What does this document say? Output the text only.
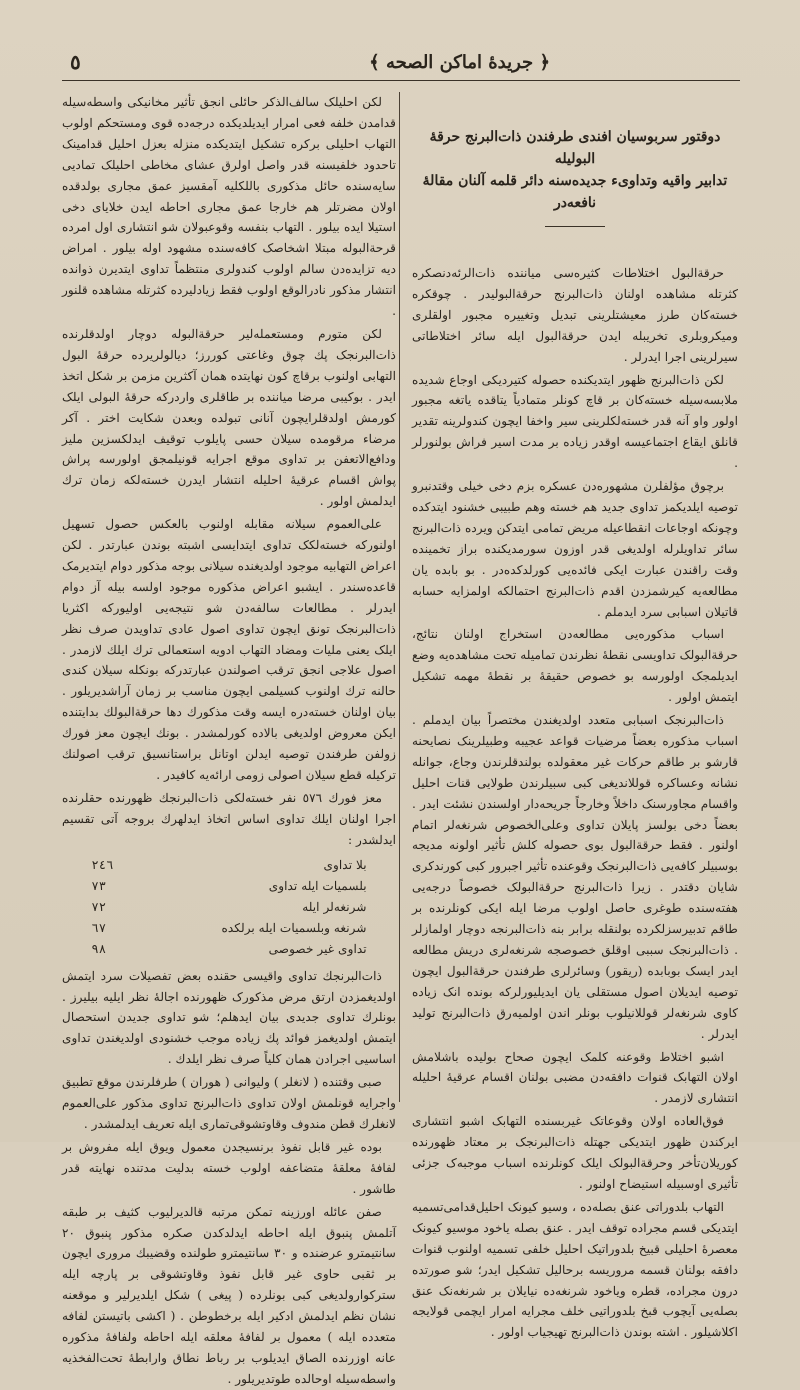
٥	﴿ جريدهٔ اماكن الصحه ﴾
دوقتور سربوسیان افندی طرفندن ذات‌البرنج حرقهٔ البولیله
تدابیر واقیه وتداوی‌ء جدیده‌سنه دائر قلمه آلنان مقالهٔ نافعه‌در

حرقةالبول اختلاطات کثیره‌سی میاننده ذات‌الرئه‌دنصکره کثرتله مشاهده اولنان ذات‌البرنج حرقةالبولیدر . چوقکره خسته‌کان طرز معیشتلرینی تبدیل وتغییره مجبور اولقلری‌ ومیکروبلری‌ تخریبله ایدن حرقةالبول ایله سائر اختلاطاتی سیرلرینی اجرا ایدرلر .

لکن ذات‌البرنج ظهور ایتدیکنده حصوله کتیردیکی اوجاع شدیده ملابسه‌سیله خسته‌کان بر قاچ کونلر متمادیاً یتاقده یاتغه مجبور اولور واو آنه قدر خسته‌لکلرینی سیر واخفا ایچون کندولرینه تقدیر قانلق ایقاع اجتماعیسه اوقدر زیاده بر مدت اسیر فراش بولنورلر .

برچوق مؤلفلرن مشهوره‌دن عسکره بزم دخی خیلی وقتدنبرو توصیه ایلدیکمز تداوی جدید هم خسته وهم طبیبی خشنود ایتدکده وچونکه اوجاعات انقطاعیله مریض تمامی ایتدکن ویرده ذات‌البرنج سائر تداویلرله اولدیغی قدر اوزون سور‌مدیکنده براز تخمینده وقت راقندن عبارت ایکی فائده‌یی کورلدکده‌در . بو بابده یان مطالعه‌یه کیرشمزدن اقدم ذات‌البرنج احتمالکه اولمزایه حسابه قاتیلان اسبابی سرد ایدملم .

اسباب مذکوره‌یی مطالعه‌دن استخراج اولنان نتائج، حرقةالبولک تداویسی نقطهٔ نظرندن تمامیله تحت مشاهده‌یه وضع ایدیلمجک اولورسه بو خصوص حقیقهٔ بر نقطهٔ مهمه تشکیل ایتمش اولور .

ذات‌البرنجک اسبابی متعدد اولدیغندن مختصراً بیان ایدملم . اسباب مذکوره بعضاً مرضیات قواعد عجیبه وطبیلرینک نصایحنه قارشو بر طاقم حرکات غیر معقولده بولندقلرندن وجاع، جوانله نشانه وعساکره قوللاندیغی کبی سبیلرندن طولایی قنات احلیل واقسام مجاورسنک داخلاً وخارجاً جریحه‌دار اولسندن نشئت ایدر . بعضاً دخی بولسز پایلان تداوی وعلی‌الخصوص شرنغه‌لر اتمام اولنور . فقط حرقةالبول بوی حصوله کلش تأثیر اولونه مدیجه بوسبیلر کافه‌یی ذات‌البرنجک وقوعنده تأثیر اجبرور کبی کورندکری شایان دقتدر . زیرا ذات‌البرنج حرقةالبولک خصوصاً درجه‌یی هفته‌سنده طوغری حاصل اولوب مرضا ایله ایکی کونلرنده بر طاقم تدبیرسزلکرده بولنقله برابر بنه ذات‌البرنجه دوچار اولمازلر . ذات‌البرنجک سببی اوقلق خصوصجه شرنغه‌لری دریش مطالعه ایدر ایسک بوبابده (ریقور) وسائرلری طرفندن حرقةالبول ایچون توصیه ایدیلان اصول مستقلی یان ایدیلیورلرکه بونده انک زیاده کاوی شرنغه‌لر قوللانیلوب بونلر اندن اولمیه‌رق ذات‌البرنج تولید ایدرلر .

اشبو اختلاط وقوعنه کلمک ایچون صحاح بولیده باشلامش اولان التهابک قنوات دافقه‌دن مضبی بولنان اقسام عرقیهٔ احلیله انتشاری لازمدر .

فوق‌العاده اولان وقوعاتک غیربسنده التهابک اشبو انتشاری ایرکندن ظهور ایتدیکی جهتله ذات‌البرنجک بر معتاد ظهورنده کوریلان‌تأخر وحرقةالبولک ایلک کونلرنده اسباب موجبه‌ک جزئی تأثیری اوسبیله استیضاح اولنور .

التهاب بلدوراتی عنق بصله‌ده ، وسیو کیونک احلیل‌قدامی‌تسمیه ایتدیکی قسم مجراده توقف ایدر . عنق بصله یاخود موسیو کیونک معصرهٔ احلیلی قبیخ بلدوراتیک احلیل خلفی تسمیه اولنوب قنوات دافقه بولنان قسمه مروریسه برحالیل تشکیل ایدر؛ شو صورتده درون مجراده، قطره ویاخود شرنغه‌ده نیایلان بر شرنغه‌نک عنق بصله‌یی آیچوب قبخ بلدوراتیی خلف مجرایه امرار ایچمی قولایجه اکلاشیلور . اشته بوندن ذات‌البرنج تهیجیاب اولور .

لکن احلیلک سالف‌الذکر حائلی انجق تأثیر مخانیکی واسطه‌سیله قدامدن خلفه فعی امرار ایدیلدیکده درجه‌ده قوی ومستحکم اولوب التهاب احلیلی برکره تشکیل ایتدیکده منزله بعزل احلیل قدامینک تاحدود خلفیسنه قدر واصل اولرق عشای مخاطی احلیلک تمادیی سایه‌سنده حائل مذکوری باللکلیه آمقسیز عمق مجاری بولدقده اولان مضرتلر هم خارجا عمق مجاری احاطه ایدن خلایای دخی استیلا ایده بیلور . التهاب بنفسه وقوعبولان شو انتشاری اول امرده قرحةالبوله مبتلا اشخاصک کافه‌سنده مشهود اوله بیلور . امراض دیه تزاید‌ه‌دن سالم اولوب کندولری منتظماً تداوی ایتدیرن ذوانده انتشار مذکور نادرالوقع اولوب فقط زیادلیرده کثرتله مشاهده قلنور .

لکن متورم ومستعمله‌لیر حرقةالبوله دوچار اولدقلرنده ذات‌البرنجک پك چوق وغاعتی کوررز؛ دیالولریرده حرقهٔ البول التهابی اولنوب برقاچ کون نهایتده همان آکثرین مزمن بر شکل اتخذ ایدر . بوکیبی مرضا میاننده بر طاقلری واردرکه حرقهٔ البولی ایلک کورمش اولدقلرایچون آنانی تبولده وبعدن شکایت اختر . آکر مرضاء مرقومده سیلان حسی پایلوب توقیف ایدلکسزین ملیز ودافع‌الاتعفن بر تداوی موقع اجرایه قونیلمجق اولورسه پراش پواش اقسام عرقیهٔ احلیله انتشار ایدرن خسته‌لکه زمان ترك ایدلمش اولور .

علی‌العموم سیلانه مقابله اولنوب بالعکس حصول تسهیل اولنورکه خسته‌لکک تداوی ایتدایسی اشبته بوندن عبارتدر . لکن اعراض التهابیه موجود اولدیغنده سیلانی بوجه مذکور دوام ایتدیرمک قاعده‌سندر . ایشبو اعراض مذکوره موجود اولسه بیله آز دوام ایدرلر . مطالعات سالفه‌دن شو نتیجه‌یی اولیورکه اکثریا ذات‌البرنجک تونق ایچون تداوی اصول عادی تداویدن صرف نظر ایلک یعنی ملیات ومضاد التهاب ادویه استعمالی ترك ایلك لازمدر . اصول علاجی انجق ترقب اصولندن عبارتدرکه بونکله سیلان کندی حالنه ترك اولنوب کسیلمی ایچون مناسب بر زمان آراشدیریلور . بیان اولنان خسته‌دره ایسه وقت مذکورك دها حرقةالبولك بدایتنده ایکن معروض اولدیغی بالاده کورلمشدر . بونك ایچون معز فورك زولفن طرفندن توصیه ایدلن اوتانل براستانسیق ترقب اصولنك ترکیله قطع سیلان اصولی زومی ارائه‌یه کافیدر .

معز فورك ٥٧٦ نفر خسته‌لکی ذات‌البرنجك ظهورنده حقلرنده اجرا اولنان ایلك تداوی اساس اتخاذ ایدلهرك بروجه آتی تقسیم ایدلشدر :

بلا تداوی	٢٤٦
بلسمیات ایله تداوی	٧٣
شرنغه‌لر ایله	٧٢
شرنغه وبلسمیات ایله برلکده	٦٧
تداوی غیر خصوصی	٩٨

ذات‌البرنجك تداوی واقیسی حقنده بعض تفصیلات سرد ایتمش اولدیغمزدن ارتق مرض مذکورک ظهورنده اجالهٔ نظر ایلیه بیلیرز . بونلرك تداوی جدیدی بیان ایدهلم؛ شو تداوی جدیدن استحصال ایتمش اولدیغمز فوائد پك زیاده موجب خشنودی اولدیغندن تداوی اساسیی اجرادن همان کلیاً صرف نظر ایلدك .

صبی وقتنده ( لانغلر ) ولیوانی ( هوران ) طرفلرندن موقع تطبیق واجرایه قونلمش اولان تداوی ذات‌البرنج تداوی مذکور علی‌العموم لانغلرك قطن مندوف وقاوتشوقی‌تماری ایله تعریف ایدلمشدر .

بوده غیر قابل نفوذ برنسیجدن معمول ویوق ایله مفروش بر لفافهٔ معلقهٔ متضاعفه اولوب خسته بدلیت مدتنده نهایته قدر طاشور .

صفن عائله اورزینه تمکن مرتبه قالدیرلیوب کثیف بر طبقه آتلمش پنبوق ایله احاطه ایدلدکدن صکره مذکور پنبوق ٢٠ سانتیمترو عرضنده و ٣٠ سانتیمترو طولنده وقضیبك مروری ایچون بر ثقبی حاوی غیر قابل نفوذ وقاوتشوقی بر پارچه ایله سترکوارولدیغی کبی بونلرده ( پیغی ) شکل ایلدیرلیر و موقعنه نشان نظم ایدلمش ادکیر ایله برخطوطن . ( اکشی باتیستن لفافه متعدده ایله ) معمول بر لفافهٔ معلقه ایله احاطه ولفافهٔ مذکوره عانه اوزرنده الصاق ایدیلوب بر رباط نطاق وارابطهٔ تحت‌الفخذیه واسطه‌سیله اوحالده طوتدیریلور .
